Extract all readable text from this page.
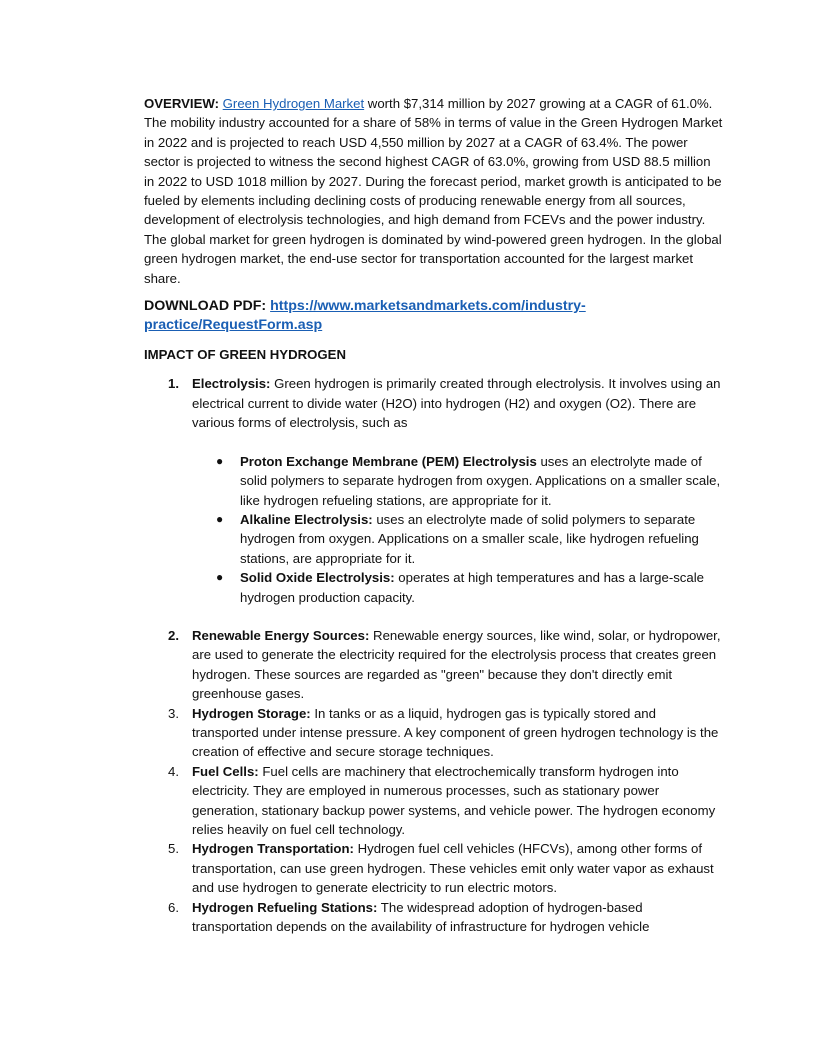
OVERVIEW: Green Hydrogen Market worth $7,314 million by 2027 growing at a CAGR of 61.0%. The mobility industry accounted for a share of 58% in terms of value in the Green Hydrogen Market in 2022 and is projected to reach USD 4,550 million by 2027 at a CAGR of 63.4%. The power sector is projected to witness the second highest CAGR of 63.0%, growing from USD 88.5 million in 2022 to USD 1018 million by 2027. During the forecast period, market growth is anticipated to be fueled by elements including declining costs of producing renewable energy from all sources, development of electrolysis technologies, and high demand from FCEVs and the power industry. The global market for green hydrogen is dominated by wind-powered green hydrogen. In the global green hydrogen market, the end-use sector for transportation accounted for the largest market share.

DOWNLOAD PDF: https://www.marketsandmarkets.com/industry-practice/RequestForm.asp

IMPACT OF GREEN HYDROGEN

1. Electrolysis: Green hydrogen is primarily created through electrolysis. It involves using an electrical current to divide water (H2O) into hydrogen (H2) and oxygen (O2). There are various forms of electrolysis, such as
● Proton Exchange Membrane (PEM) Electrolysis uses an electrolyte made of solid polymers to separate hydrogen from oxygen. Applications on a smaller scale, like hydrogen refueling stations, are appropriate for it.
● Alkaline Electrolysis: uses an electrolyte made of solid polymers to separate hydrogen from oxygen. Applications on a smaller scale, like hydrogen refueling stations, are appropriate for it.
● Solid Oxide Electrolysis: operates at high temperatures and has a large-scale hydrogen production capacity.
2. Renewable Energy Sources: Renewable energy sources, like wind, solar, or hydropower, are used to generate the electricity required for the electrolysis process that creates green hydrogen. These sources are regarded as "green" because they don't directly emit greenhouse gases.
3. Hydrogen Storage: In tanks or as a liquid, hydrogen gas is typically stored and transported under intense pressure. A key component of green hydrogen technology is the creation of effective and secure storage techniques.
4. Fuel Cells: Fuel cells are machinery that electrochemically transform hydrogen into electricity. They are employed in numerous processes, such as stationary power generation, stationary backup power systems, and vehicle power. The hydrogen economy relies heavily on fuel cell technology.
5. Hydrogen Transportation: Hydrogen fuel cell vehicles (HFCVs), among other forms of transportation, can use green hydrogen. These vehicles emit only water vapor as exhaust and use hydrogen to generate electricity to run electric motors.
6. Hydrogen Refueling Stations: The widespread adoption of hydrogen-based transportation depends on the availability of infrastructure for hydrogen vehicle
